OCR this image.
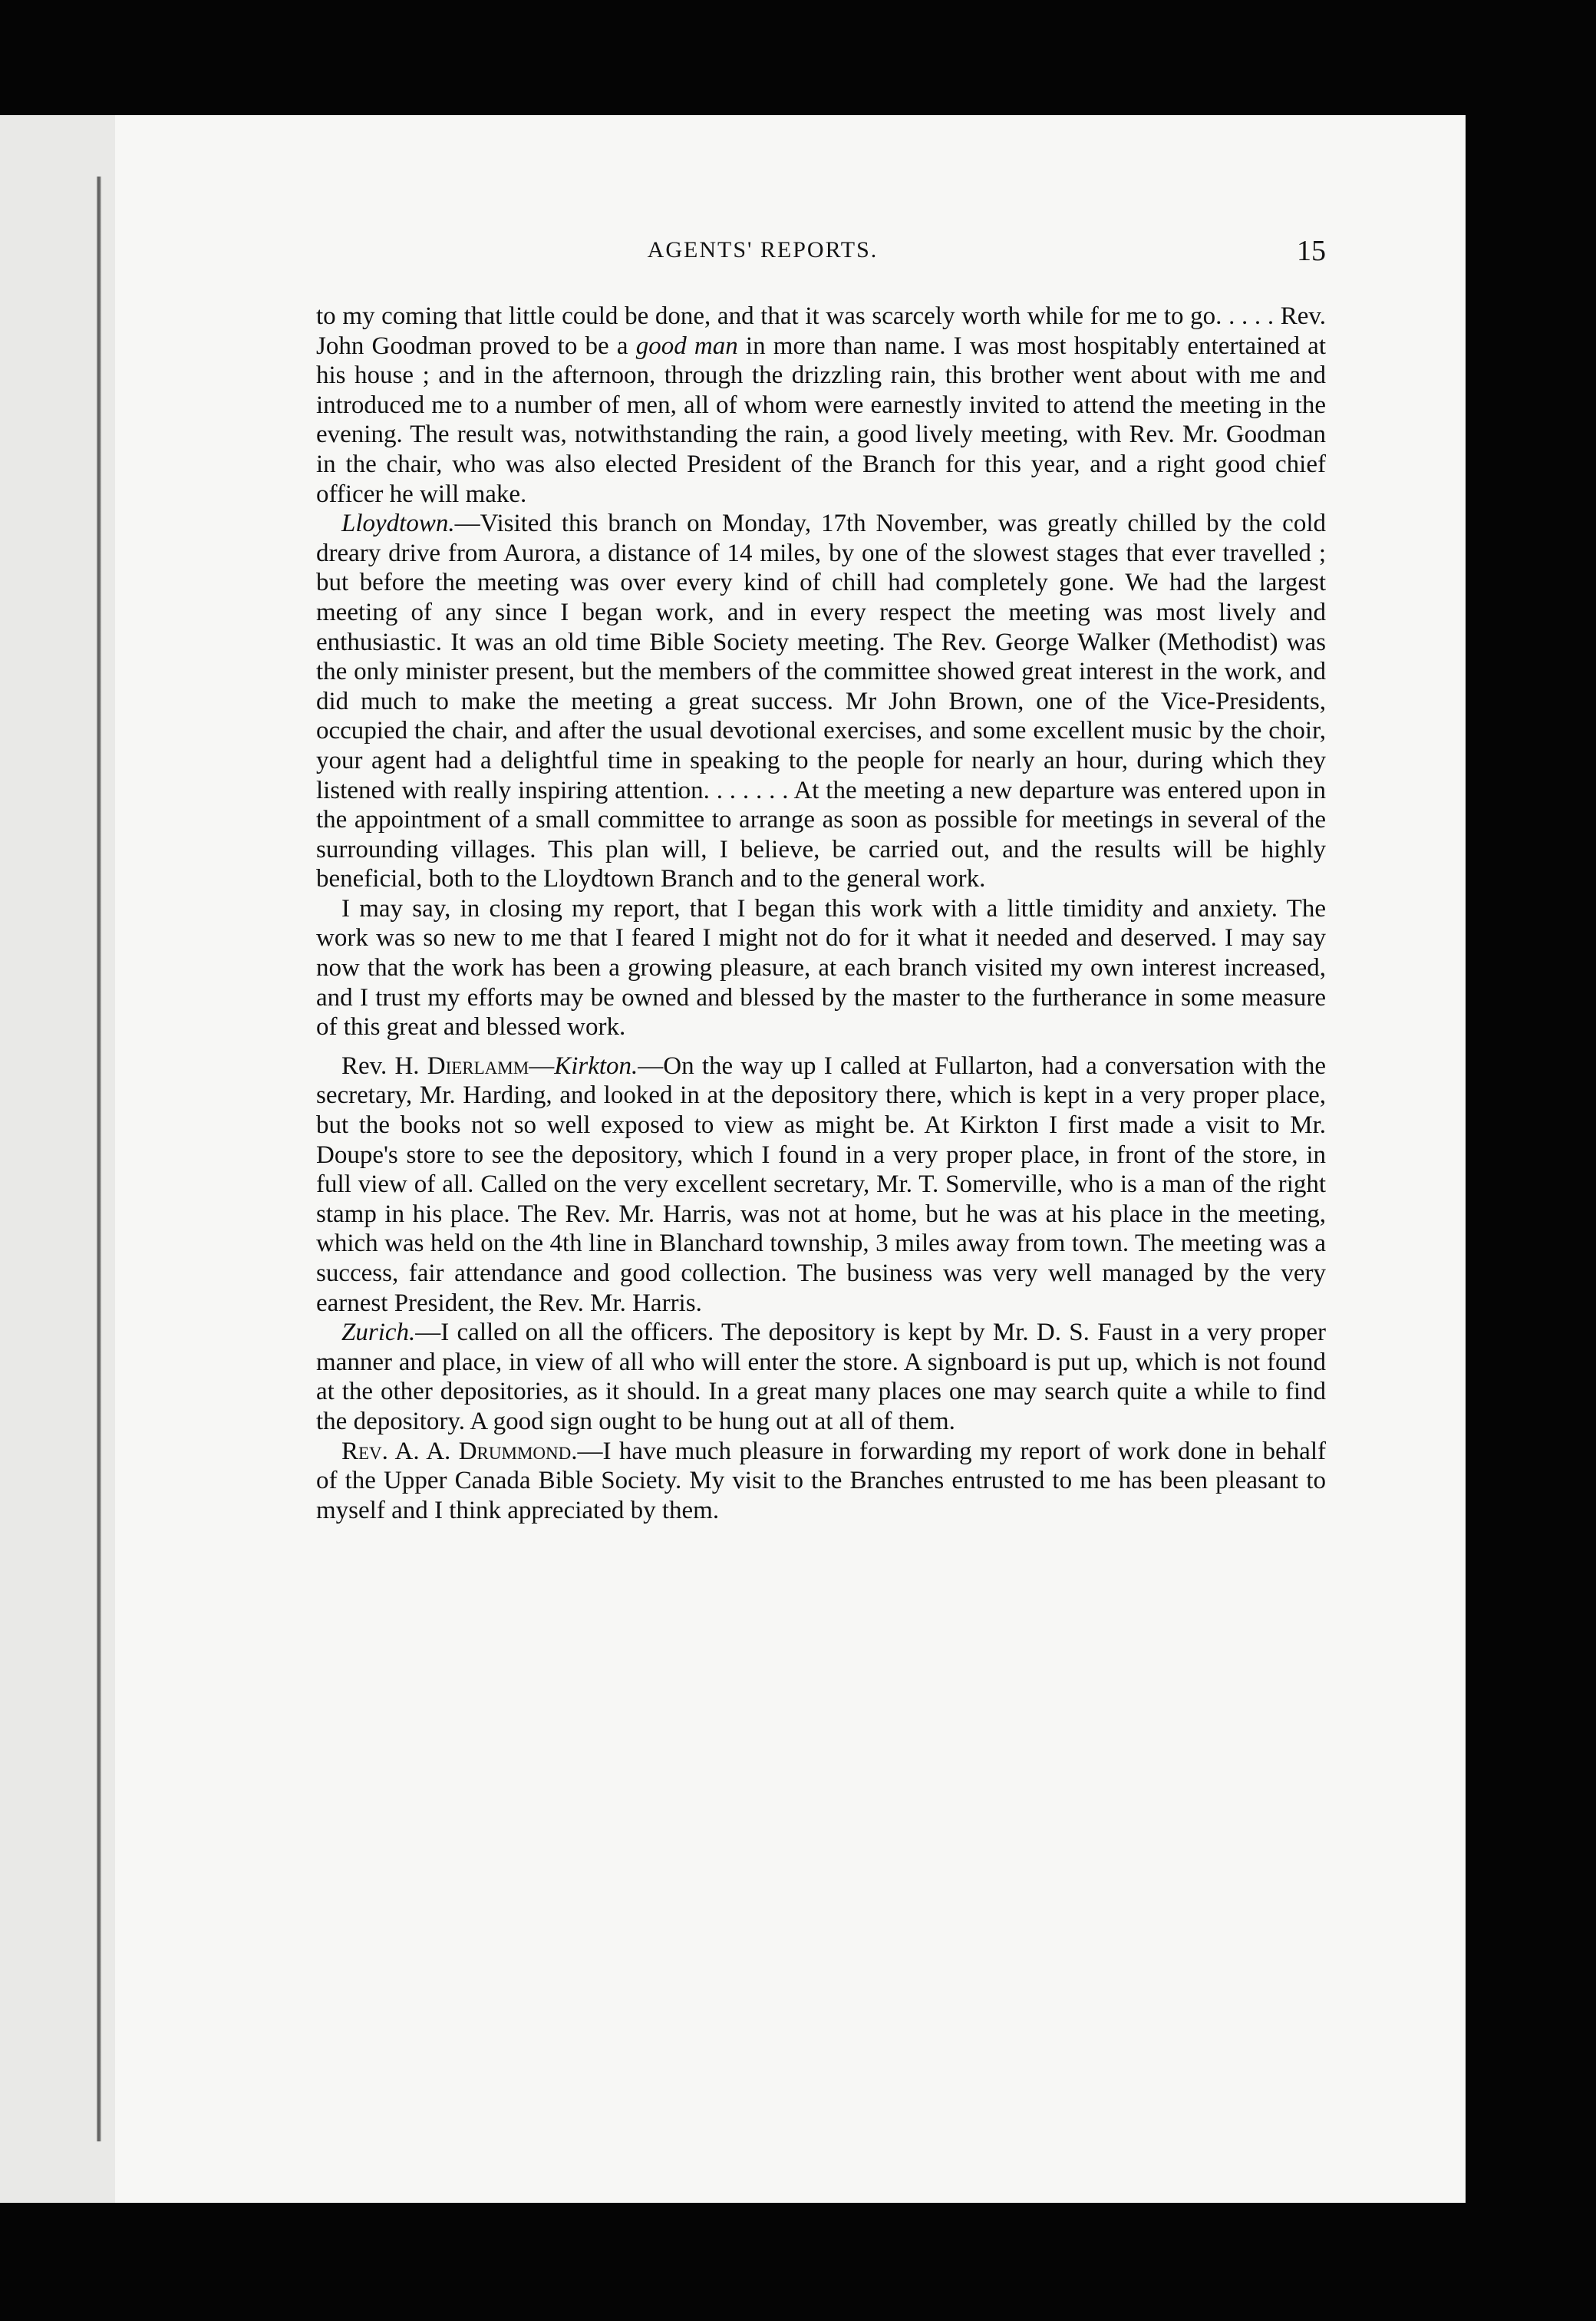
AGENTS' REPORTS.	15

to my coming that little could be done, and that it was scarcely worth while for me to go. . . . . Rev. John Goodman proved to be a good man in more than name. I was most hospitably entertained at his house ; and in the afternoon, through the drizzling rain, this brother went about with me and introduced me to a number of men, all of whom were earnestly invited to attend the meeting in the evening. The result was, notwithstanding the rain, a good lively meeting, with Rev. Mr. Goodman in the chair, who was also elected President of the Branch for this year, and a right good chief officer he will make.

Lloydtown.—Visited this branch on Monday, 17th November, was greatly chilled by the cold dreary drive from Aurora, a distance of 14 miles, by one of the slowest stages that ever travelled ; but before the meeting was over every kind of chill had completely gone. We had the largest meeting of any since I began work, and in every respect the meeting was most lively and enthusiastic. It was an old time Bible Society meeting. The Rev. George Walker (Methodist) was the only minister present, but the members of the committee showed great interest in the work, and did much to make the meeting a great success. Mr John Brown, one of the Vice-Presidents, occupied the chair, and after the usual devotional exercises, and some excellent music by the choir, your agent had a delightful time in speaking to the people for nearly an hour, during which they listened with really inspiring attention. . . . . . . At the meeting a new departure was entered upon in the appointment of a small committee to arrange as soon as possible for meetings in several of the surrounding villages. This plan will, I believe, be carried out, and the results will be highly beneficial, both to the Lloydtown Branch and to the general work.

I may say, in closing my report, that I began this work with a little timidity and anxiety. The work was so new to me that I feared I might not do for it what it needed and deserved. I may say now that the work has been a growing pleasure, at each branch visited my own interest increased, and I trust my efforts may be owned and blessed by the master to the furtherance in some measure of this great and blessed work.

Rev. H. Dierlamm—Kirkton.—On the way up I called at Fullarton, had a conversation with the secretary, Mr. Harding, and looked in at the depository there, which is kept in a very proper place, but the books not so well exposed to view as might be. At Kirkton I first made a visit to Mr. Doupe's store to see the depository, which I found in a very proper place, in front of the store, in full view of all. Called on the very excellent secretary, Mr. T. Somerville, who is a man of the right stamp in his place. The Rev. Mr. Harris, was not at home, but he was at his place in the meeting, which was held on the 4th line in Blanchard township, 3 miles away from town. The meeting was a success, fair attendance and good collection. The business was very well managed by the very earnest President, the Rev. Mr. Harris.

Zurich.—I called on all the officers. The depository is kept by Mr. D. S. Faust in a very proper manner and place, in view of all who will enter the store. A signboard is put up, which is not found at the other depositories, as it should. In a great many places one may search quite a while to find the depository. A good sign ought to be hung out at all of them.

Rev. A. A. Drummond.—I have much pleasure in forwarding my report of work done in behalf of the Upper Canada Bible Society. My visit to the Branches entrusted to me has been pleasant to myself and I think appreciated by them.
